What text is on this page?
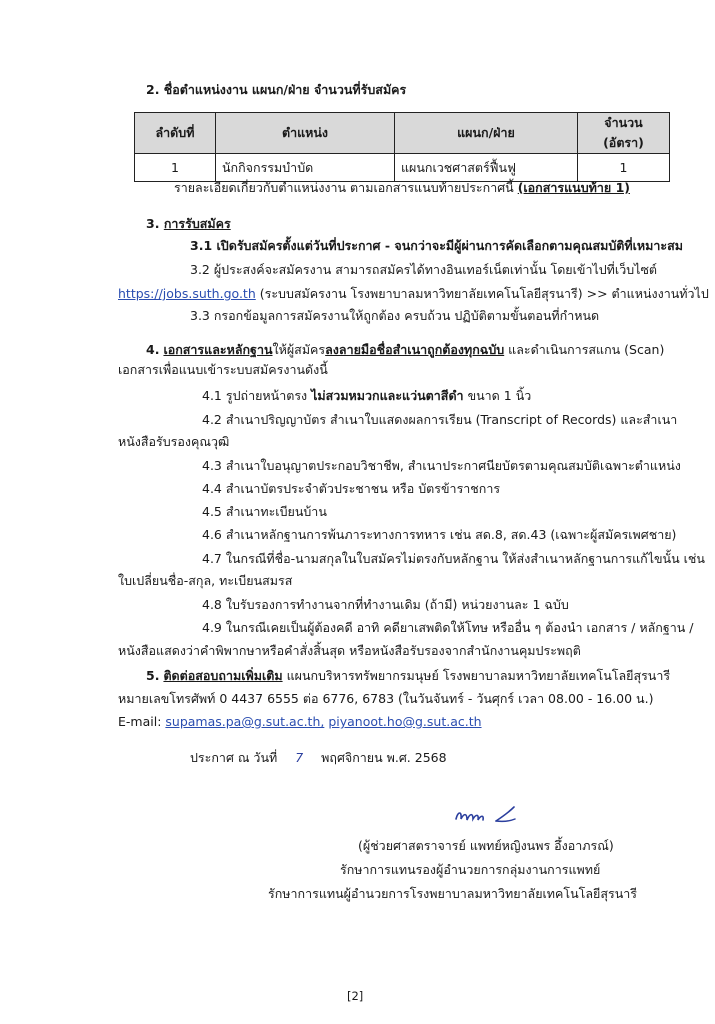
2. ชื่อตำแหน่งงาน แผนก/ฝ่าย จำนวนที่รับสมัคร
ลำดับที่	ตำแหน่ง	แผนก/ฝ่าย	จำนวน (อัตรา)
1	นักกิจกรรมบำบัด	แผนกเวชศาสตร์ฟื้นฟู	1
รายละเอียดเกี่ยวกับตำแหน่งงาน ตามเอกสารแนบท้ายประกาศนี้ (เอกสารแนบท้าย 1)
3. การรับสมัคร
3.1 เปิดรับสมัครตั้งแต่วันที่ประกาศ - จนกว่าจะมีผู้ผ่านการคัดเลือกตามคุณสมบัติที่เหมาะสม
3.2 ผู้ประสงค์จะสมัครงาน สามารถสมัครได้ทางอินเทอร์เน็ตเท่านั้น โดยเข้าไปที่เว็บไซต์
https://jobs.suth.go.th (ระบบสมัครงาน โรงพยาบาลมหาวิทยาลัยเทคโนโลยีสุรนารี) >> ตำแหน่งงานทั่วไป
3.3 กรอกข้อมูลการสมัครงานให้ถูกต้อง ครบถ้วน ปฏิบัติตามขั้นตอนที่กำหนด
4. เอกสารและหลักฐานให้ผู้สมัครลงลายมือชื่อสำเนาถูกต้องทุกฉบับ และดำเนินการสแกน (Scan)
เอกสารเพื่อแนบเข้าระบบสมัครงานดังนี้
4.1 รูปถ่ายหน้าตรง ไม่สวมหมวกและแว่นตาสีดำ ขนาด 1 นิ้ว
4.2 สำเนาปริญญาบัตร สำเนาใบแสดงผลการเรียน (Transcript of Records) และสำเนา
หนังสือรับรองคุณวุฒิ
4.3 สำเนาใบอนุญาตประกอบวิชาชีพ, สำเนาประกาศนียบัตรตามคุณสมบัติเฉพาะตำแหน่ง
4.4 สำเนาบัตรประจำตัวประชาชน หรือ บัตรข้าราชการ
4.5 สำเนาทะเบียนบ้าน
4.6 สำเนาหลักฐานการพ้นภาระทางการทหาร เช่น สด.8, สด.43 (เฉพาะผู้สมัครเพศชาย)
4.7 ในกรณีที่ชื่อ-นามสกุลในใบสมัครไม่ตรงกับหลักฐาน ให้ส่งสำเนาหลักฐานการแก้ไขนั้น เช่น
ใบเปลี่ยนชื่อ-สกุล, ทะเบียนสมรส
4.8 ใบรับรองการทำงานจากที่ทำงานเดิม (ถ้ามี) หน่วยงานละ 1 ฉบับ
4.9 ในกรณีเคยเป็นผู้ต้องคดี อาทิ คดียาเสพติดให้โทษ หรืออื่น ๆ ต้องนำ เอกสาร / หลักฐาน /
หนังสือแสดงว่าคำพิพากษาหรือคำสั่งสิ้นสุด หรือหนังสือรับรองจากสำนักงานคุมประพฤติ
5. ติดต่อสอบถามเพิ่มเติม แผนกบริหารทรัพยากรมนุษย์ โรงพยาบาลมหาวิทยาลัยเทคโนโลยีสุรนารี
หมายเลขโทรศัพท์ 0 4437 6555 ต่อ 6776, 6783 (ในวันจันทร์ - วันศุกร์ เวลา 08.00 - 16.00 น.)
E-mail: supamas.pa@g.sut.ac.th, piyanoot.ho@g.sut.ac.th
ประกาศ ณ วันที่ 7 พฤศจิกายน พ.ศ. 2568
(ผู้ช่วยศาสตราจารย์ แพทย์หญิงนพร อึ้งอาภรณ์)
รักษาการแทนรองผู้อำนวยการกลุ่มงานการแพทย์
รักษาการแทนผู้อำนวยการโรงพยาบาลมหาวิทยาลัยเทคโนโลยีสุรนารี
[2]
